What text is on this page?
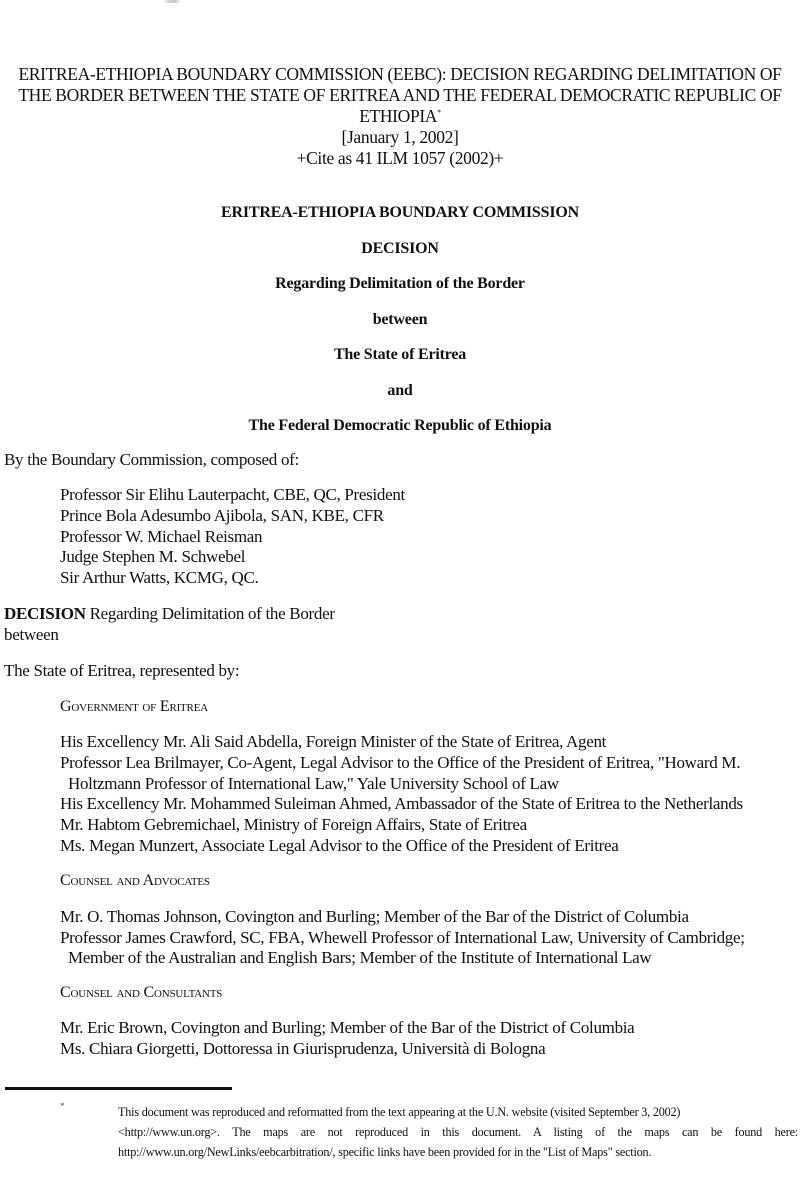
ERITREA-ETHIOPIA BOUNDARY COMMISSION (EEBC): DECISION REGARDING DELIMITATION OF
THE BORDER BETWEEN THE STATE OF ERITREA AND THE FEDERAL DEMOCRATIC REPUBLIC OF
ETHIOPIA*
[January 1, 2002]
+Cite as 41 ILM 1057 (2002)+
ERITREA-ETHIOPIA BOUNDARY COMMISSION
DECISION
Regarding Delimitation of the Border
between
The State of Eritrea
and
The Federal Democratic Republic of Ethiopia
By the Boundary Commission, composed of:
Professor Sir Elihu Lauterpacht, CBE, QC, President
Prince Bola Adesumbo Ajibola, SAN, KBE, CFR
Professor W. Michael Reisman
Judge Stephen M. Schwebel
Sir Arthur Watts, KCMG, QC.
DECISION Regarding Delimitation of the Border
between
The State of Eritrea, represented by:
Government of Eritrea
His Excellency Mr. Ali Said Abdella, Foreign Minister of the State of Eritrea, Agent
Professor Lea Brilmayer, Co-Agent, Legal Advisor to the Office of the President of Eritrea, "Howard M.
Holtzmann Professor of International Law," Yale University School of Law
His Excellency Mr. Mohammed Suleiman Ahmed, Ambassador of the State of Eritrea to the Netherlands
Mr. Habtom Gebremichael, Ministry of Foreign Affairs, State of Eritrea
Ms. Megan Munzert, Associate Legal Advisor to the Office of the President of Eritrea
Counsel and Advocates
Mr. O. Thomas Johnson, Covington and Burling; Member of the Bar of the District of Columbia
Professor James Crawford, SC, FBA, Whewell Professor of International Law, University of Cambridge;
Member of the Australian and English Bars; Member of the Institute of International Law
Counsel and Consultants
Mr. Eric Brown, Covington and Burling; Member of the Bar of the District of Columbia
Ms. Chiara Giorgetti, Dottoressa in Giurisprudenza, Università di Bologna
*	This document was reproduced and reformatted from the text appearing at the U.N. website (visited September 3, 2002)
<http://www.un.org>. The maps are not reproduced in this document. A listing of the maps can be found here:
http://www.un.org/NewLinks/eebcarbitration/, specific links have been provided for in the "List of Maps" section.
